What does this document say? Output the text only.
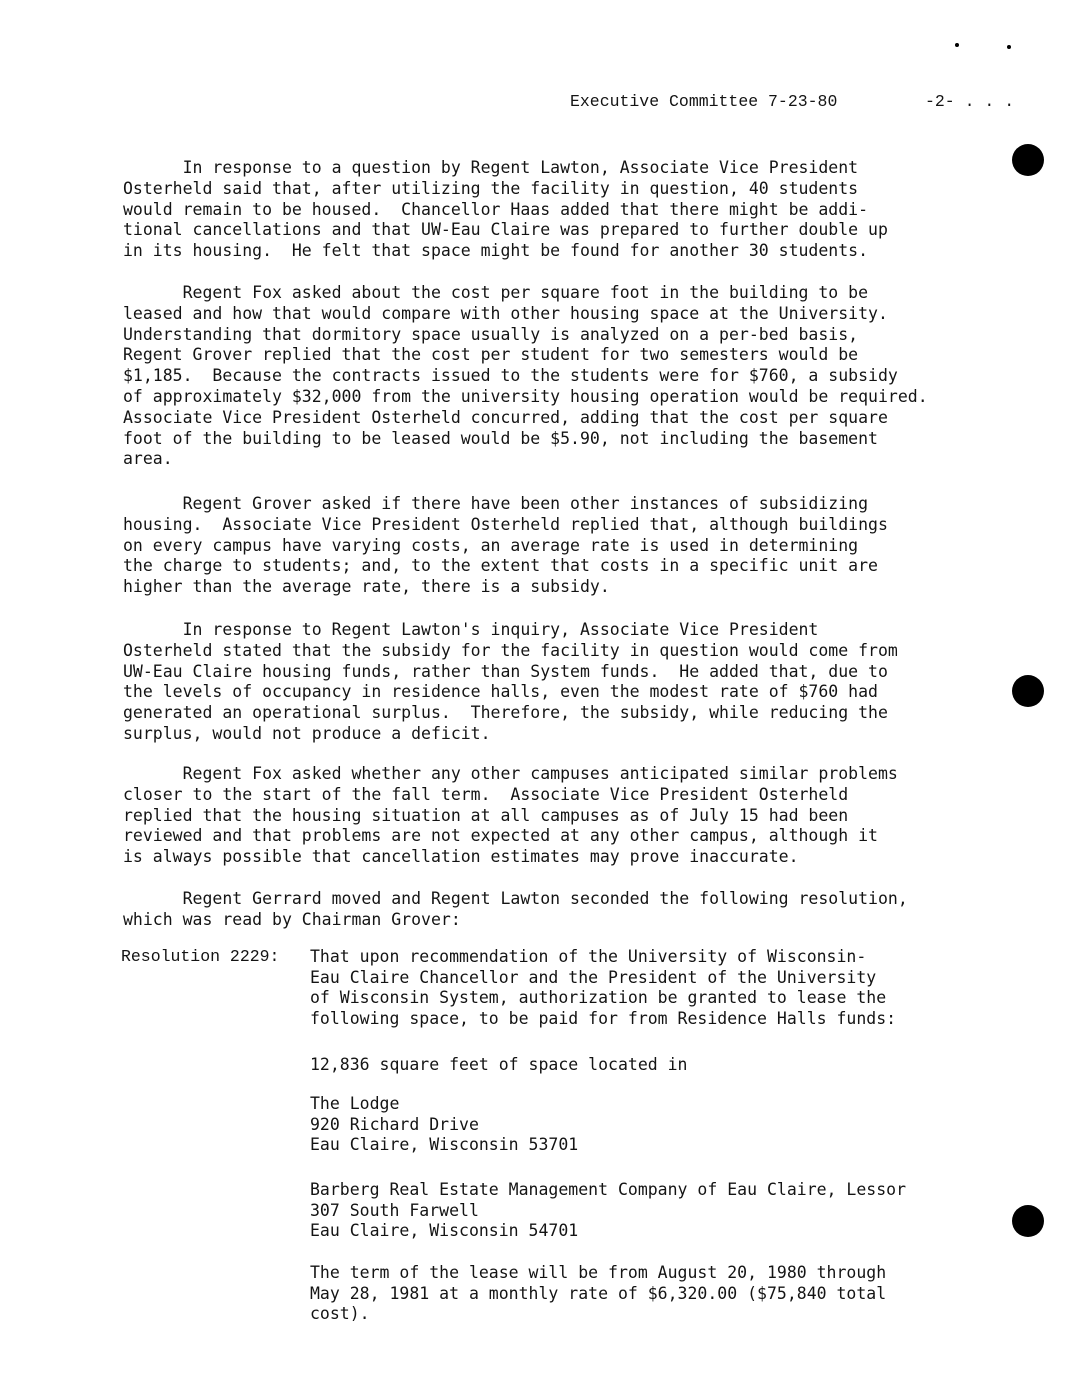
Executive Committee 7-23-80	-2- . . .
In response to a question by Regent Lawton, Associate Vice President
Osterheld said that, after utilizing the facility in question, 40 students
would remain to be housed.  Chancellor Haas added that there might be addi-
tional cancellations and that UW-Eau Claire was prepared to further double up
in its housing.  He felt that space might be found for another 30 students.
Regent Fox asked about the cost per square foot in the building to be
leased and how that would compare with other housing space at the University.
Understanding that dormitory space usually is analyzed on a per-bed basis,
Regent Grover replied that the cost per student for two semesters would be
$1,185.  Because the contracts issued to the students were for $760, a subsidy
of approximately $32,000 from the university housing operation would be required.
Associate Vice President Osterheld concurred, adding that the cost per square
foot of the building to be leased would be $5.90, not including the basement
area.
Regent Grover asked if there have been other instances of subsidizing
housing.  Associate Vice President Osterheld replied that, although buildings
on every campus have varying costs, an average rate is used in determining
the charge to students; and, to the extent that costs in a specific unit are
higher than the average rate, there is a subsidy.
In response to Regent Lawton's inquiry, Associate Vice President
Osterheld stated that the subsidy for the facility in question would come from
UW-Eau Claire housing funds, rather than System funds.  He added that, due to
the levels of occupancy in residence halls, even the modest rate of $760 had
generated an operational surplus.  Therefore, the subsidy, while reducing the
surplus, would not produce a deficit.
Regent Fox asked whether any other campuses anticipated similar problems
closer to the start of the fall term.  Associate Vice President Osterheld
replied that the housing situation at all campuses as of July 15 had been
reviewed and that problems are not expected at any other campus, although it
is always possible that cancellation estimates may prove inaccurate.
Regent Gerrard moved and Regent Lawton seconded the following resolution,
which was read by Chairman Grover:
Resolution 2229: That upon recommendation of the University of Wisconsin-
Eau Claire Chancellor and the President of the University
of Wisconsin System, authorization be granted to lease the
following space, to be paid for from Residence Halls funds:
12,836 square feet of space located in
The Lodge
920 Richard Drive
Eau Claire, Wisconsin 53701
Barberg Real Estate Management Company of Eau Claire, Lessor
307 South Farwell
Eau Claire, Wisconsin 54701
The term of the lease will be from August 20, 1980 through
May 28, 1981 at a monthly rate of $6,320.00 ($75,840 total
cost).
